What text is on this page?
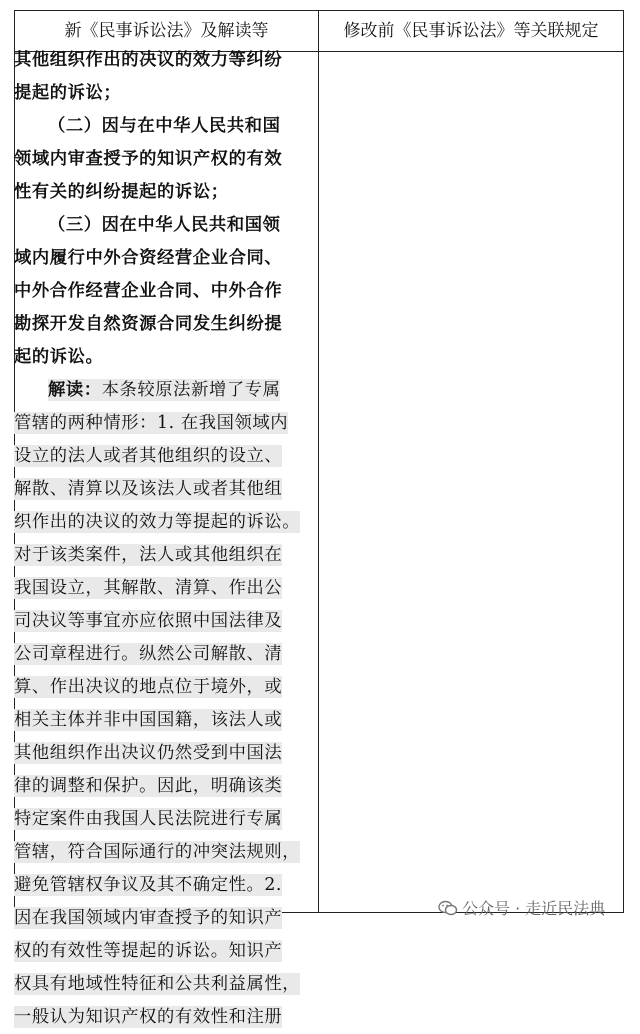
新《民事诉讼法》及解读等	修改前《民事诉讼法》等关联规定
其他组织作出的决议的效力等纠纷
提起的诉讼；
（二）因与在中华人民共和国
领域内审查授予的知识产权的有效
性有关的纠纷提起的诉讼；
（三）因在中华人民共和国领
域内履行中外合资经营企业合同、
中外合作经营企业合同、中外合作
勘探开发自然资源合同发生纠纷提
起的诉讼。
解读：本条较原法新增了专属
管辖的两种情形：1. 在我国领域内
设立的法人或者其他组织的设立、
解散、清算以及该法人或者其他组
织作出的决议的效力等提起的诉讼。
对于该类案件，法人或其他组织在
我国设立，其解散、清算、作出公
司决议等事宜亦应依照中国法律及
公司章程进行。纵然公司解散、清
算、作出决议的地点位于境外，或
相关主体并非中国国籍，该法人或
其他组织作出决议仍然受到中国法
律的调整和保护。因此，明确该类
特定案件由我国人民法院进行专属
管辖，符合国际通行的冲突法规则，
避免管辖权争议及其不确定性。2.
因在我国领域内审查授予的知识产
权的有效性等提起的诉讼。知识产
权具有地域性特征和公共利益属性，
一般认为知识产权的有效性和注册
公众号 · 走近民法典
